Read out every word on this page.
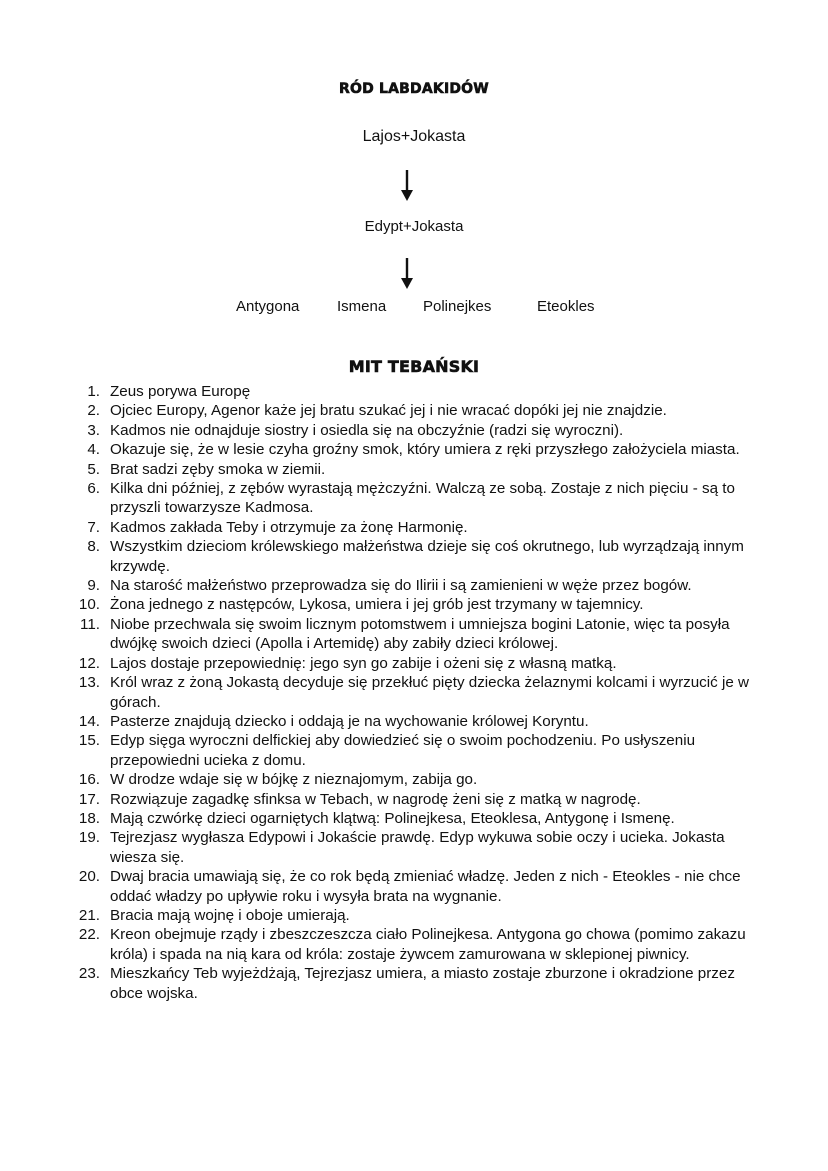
RÓD LABDAKIDÓW
Lajos+Jokasta
Edypt+Jokasta
Antygona	Ismena Polinejkes	Eteokles
MIT TEBAŃSKI
1. Zeus porywa Europę
2. Ojciec Europy, Agenor każe jej bratu szukać jej i nie wracać dopóki jej nie znajdzie.
3. Kadmos nie odnajduje siostry i osiedla się na obczyźnie (radzi się wyroczni).
4. Okazuje się, że w lesie czyha groźny smok, który umiera z ręki przyszłego założyciela miasta.
5. Brat sadzi zęby smoka w ziemii.
6. Kilka dni później, z zębów wyrastają mężczyźni. Walczą ze sobą. Zostaje z nich pięciu - są to przyszli towarzysze Kadmosa.
7. Kadmos zakłada Teby i otrzymuje za żonę Harmonię.
8. Wszystkim dzieciom królewskiego małżeństwa dzieje się coś okrutnego, lub wyrządzają innym krzywdę.
9. Na starość małżeństwo przeprowadza się do Ilirii i są zamienieni w węże przez bogów.
10. Żona jednego z następców, Lykosa, umiera i jej grób jest trzymany w tajemnicy.
11. Niobe przechwala się swoim licznym potomstwem i umniejsza bogini Latonie, więc ta posyła dwójkę swoich dzieci (Apolla i Artemidę) aby zabiły dzieci królowej.
12. Lajos dostaje przepowiednię: jego syn go zabije i ożeni się z własną matką.
13. Król wraz z żoną Jokastą decyduje się przekłuć pięty dziecka żelaznymi kolcami i wyrzucić je w górach.
14. Pasterze znajdują dziecko i oddają je na wychowanie królowej Koryntu.
15. Edyp sięga wyroczni delfickiej aby dowiedzieć się o swoim pochodzeniu. Po usłyszeniu przepowiedni ucieka z domu.
16. W drodze wdaje się w bójkę z nieznajomym, zabija go.
17. Rozwiązuje zagadkę sfinksa w Tebach, w nagrodę żeni się z matką w nagrodę.
18. Mają czwórkę dzieci ogarniętych klątwą: Polinejkesa, Eteoklesa, Antygonę i Ismenę.
19. Tejrezjasz wygłasza Edypowi i Jokaście prawdę. Edyp wykuwa sobie oczy i ucieka. Jokasta wiesza się.
20. Dwaj bracia umawiają się, że co rok będą zmieniać władzę. Jeden z nich - Eteokles - nie chce oddać władzy po upływie roku i wysyła brata na wygnanie.
21. Bracia mają wojnę i oboje umierają.
22. Kreon obejmuje rządy i zbeszczeszcza ciało Polinejkesa. Antygona go chowa (pomimo zakazu króla) i spada na nią kara od króla: zostaje żywcem zamurowana w sklepionej piwnicy.
23. Mieszkańcy Teb wyjeżdżają, Tejrezjasz umiera, a miasto zostaje zburzone i okradzione przez obce wojska.
